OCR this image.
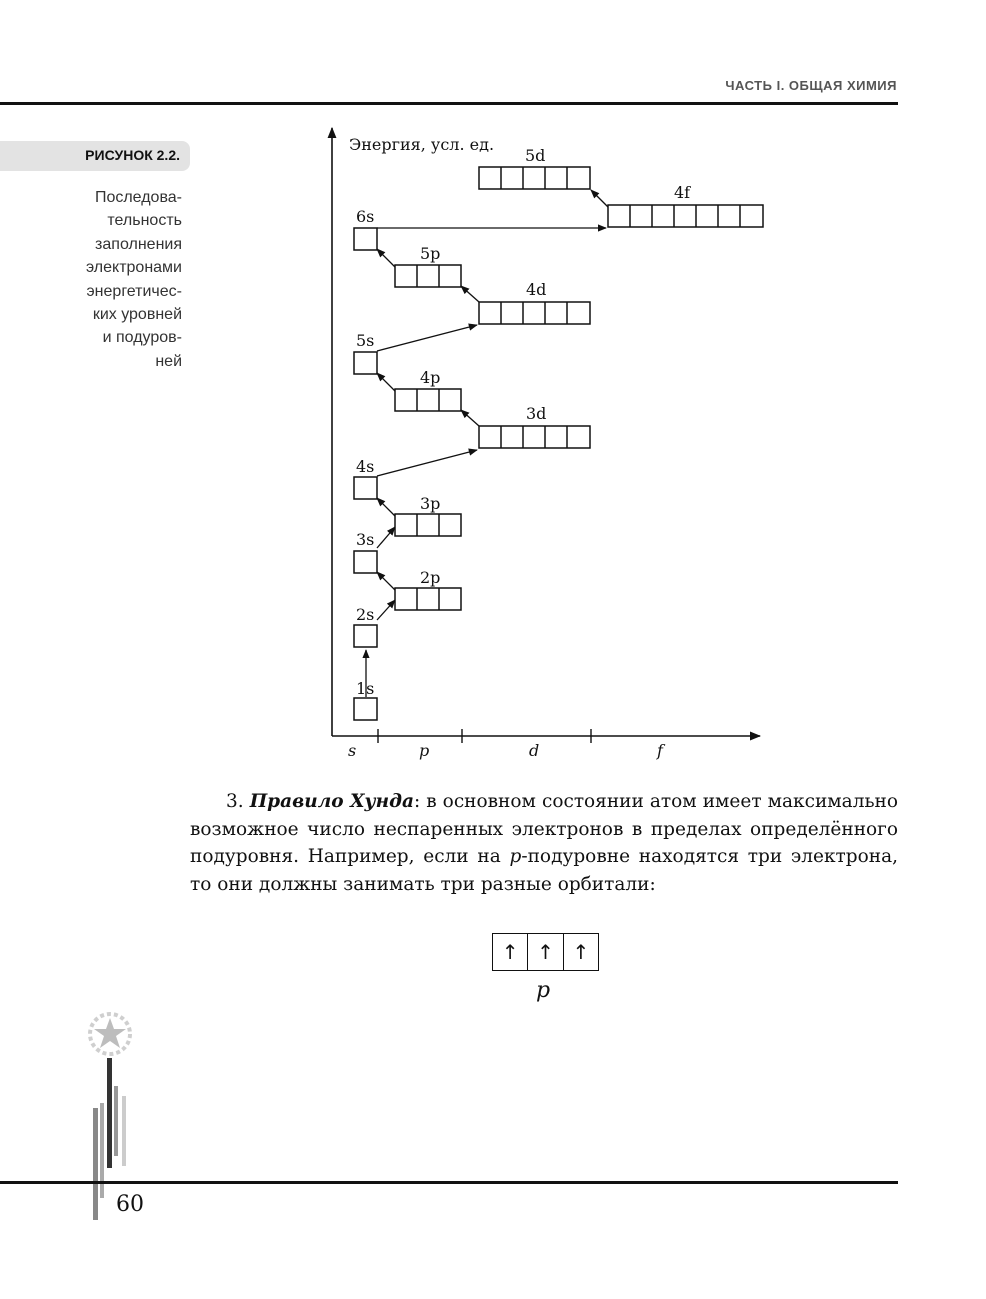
ЧАСТЬ I. ОБЩАЯ ХИМИЯ
РИСУНОК 2.2.
Последова-
тельность
заполнения
электронами
энергетичес-
ких уровней
и подуров-
ней
Энергия, усл. ед.
s	p	d	f
1s
2s
2p
3s
3p
4s
3d
4p
5s
4d
5p
6s
4f
5d
3. Правило Хунда: в основном состоянии атом имеет максимально возможное число неспаренных электронов в пределах определённого подуровня. Например, если на p-подуровне находятся три электрона, то они должны занимать три разные орбитали:
↑ ↑ ↑
p
60
